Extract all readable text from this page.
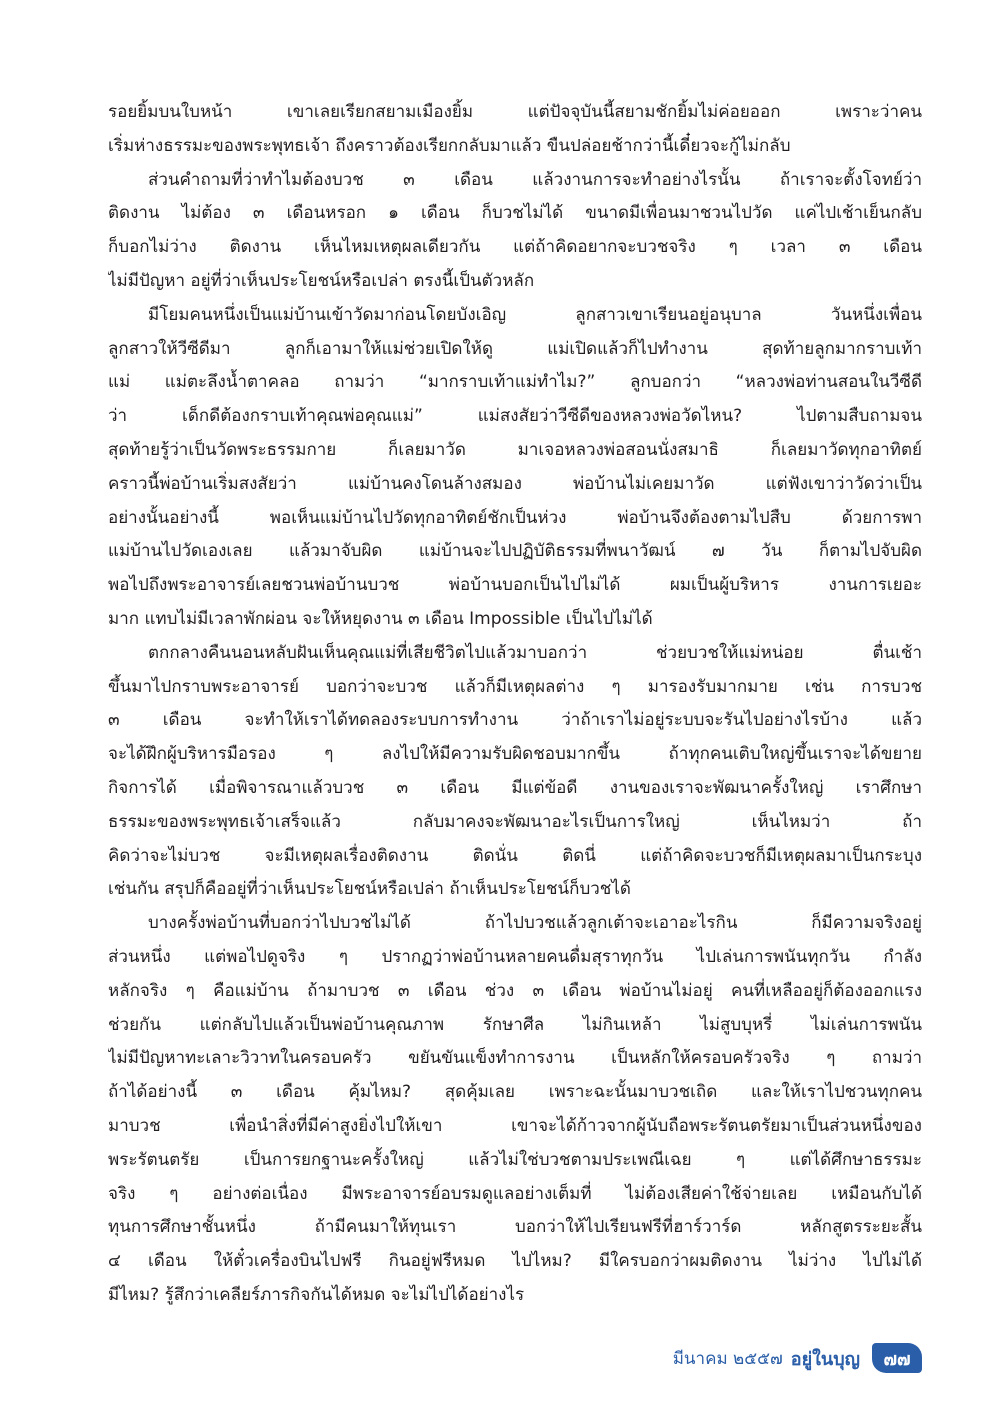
รอยยิ้มบนใบหน้า เขาเลยเรียกสยามเมืองยิ้ม แต่ปัจจุบันนี้สยามชักยิ้มไม่ค่อยออก เพราะว่าคน
เริ่มห่างธรรมะของพระพุทธเจ้า ถึงคราวต้องเรียกกลับมาแล้ว ขืนปล่อยช้ากว่านี้เดี๋ยวจะกู้ไม่กลับ
ส่วนคำถามที่ว่าทำไมต้องบวช ๓ เดือน แล้วงานการจะทำอย่างไรนั้น ถ้าเราจะตั้งโจทย์ว่า
ติดงาน ไม่ต้อง ๓ เดือนหรอก ๑ เดือน ก็บวชไม่ได้ ขนาดมีเพื่อนมาชวนไปวัด แค่ไปเช้าเย็นกลับ
ก็บอกไม่ว่าง ติดงาน เห็นไหมเหตุผลเดียวกัน แต่ถ้าคิดอยากจะบวชจริง ๆ เวลา ๓ เดือน
ไม่มีปัญหา อยู่ที่ว่าเห็นประโยชน์หรือเปล่า ตรงนี้เป็นตัวหลัก
มีโยมคนหนึ่งเป็นแม่บ้านเข้าวัดมาก่อนโดยบังเอิญ ลูกสาวเขาเรียนอยู่อนุบาล วันหนึ่งเพื่อน
ลูกสาวให้วีซีดีมา ลูกก็เอามาให้แม่ช่วยเปิดให้ดู แม่เปิดแล้วก็ไปทำงาน สุดท้ายลูกมากราบเท้า
แม่ แม่ตะลึงน้ำตาคลอ ถามว่า “มากราบเท้าแม่ทำไม?” ลูกบอกว่า “หลวงพ่อท่านสอนในวีซีดี
ว่า เด็กดีต้องกราบเท้าคุณพ่อคุณแม่” แม่สงสัยว่าวีซีดีของหลวงพ่อวัดไหน? ไปตามสืบถามจน
สุดท้ายรู้ว่าเป็นวัดพระธรรมกาย ก็เลยมาวัด มาเจอหลวงพ่อสอนนั่งสมาธิ ก็เลยมาวัดทุกอาทิตย์
คราวนี้พ่อบ้านเริ่มสงสัยว่า แม่บ้านคงโดนล้างสมอง พ่อบ้านไม่เคยมาวัด แต่ฟังเขาว่าวัดว่าเป็น
อย่างนั้นอย่างนี้ พอเห็นแม่บ้านไปวัดทุกอาทิตย์ชักเป็นห่วง พ่อบ้านจึงต้องตามไปสืบ ด้วยการพา
แม่บ้านไปวัดเองเลย แล้วมาจับผิด แม่บ้านจะไปปฏิบัติธรรมที่พนาวัฒน์ ๗ วัน ก็ตามไปจับผิด
พอไปถึงพระอาจารย์เลยชวนพ่อบ้านบวช พ่อบ้านบอกเป็นไปไม่ได้ ผมเป็นผู้บริหาร งานการเยอะ
มาก แทบไม่มีเวลาพักผ่อน จะให้หยุดงาน ๓ เดือน Impossible เป็นไปไม่ได้
ตกกลางคืนนอนหลับฝันเห็นคุณแม่ที่เสียชีวิตไปแล้วมาบอกว่า ช่วยบวชให้แม่หน่อย ตื่นเช้า
ขึ้นมาไปกราบพระอาจารย์ บอกว่าจะบวช แล้วก็มีเหตุผลต่าง ๆ มารองรับมากมาย เช่น การบวช
๓ เดือน จะทำให้เราได้ทดลองระบบการทำงาน ว่าถ้าเราไม่อยู่ระบบจะรันไปอย่างไรบ้าง แล้ว
จะได้ฝึกผู้บริหารมือรอง ๆ ลงไปให้มีความรับผิดชอบมากขึ้น ถ้าทุกคนเติบใหญ่ขึ้นเราจะได้ขยาย
กิจการได้ เมื่อพิจารณาแล้วบวช ๓ เดือน มีแต่ข้อดี งานของเราจะพัฒนาครั้งใหญ่ เราศึกษา
ธรรมะของพระพุทธเจ้าเสร็จแล้ว กลับมาคงจะพัฒนาอะไรเป็นการใหญ่ เห็นไหมว่า ถ้า
คิดว่าจะไม่บวช จะมีเหตุผลเรื่องติดงาน ติดนั่น ติดนี่ แต่ถ้าคิดจะบวชก็มีเหตุผลมาเป็นกระบุง
เช่นกัน สรุปก็คืออยู่ที่ว่าเห็นประโยชน์หรือเปล่า ถ้าเห็นประโยชน์ก็บวชได้
บางครั้งพ่อบ้านที่บอกว่าไปบวชไม่ได้ ถ้าไปบวชแล้วลูกเต้าจะเอาอะไรกิน ก็มีความจริงอยู่
ส่วนหนึ่ง แต่พอไปดูจริง ๆ ปรากฏว่าพ่อบ้านหลายคนดื่มสุราทุกวัน ไปเล่นการพนันทุกวัน กำลัง
หลักจริง ๆ คือแม่บ้าน ถ้ามาบวช ๓ เดือน ช่วง ๓ เดือน พ่อบ้านไม่อยู่ คนที่เหลืออยู่ก็ต้องออกแรง
ช่วยกัน แต่กลับไปแล้วเป็นพ่อบ้านคุณภาพ รักษาศีล ไม่กินเหล้า ไม่สูบบุหรี่ ไม่เล่นการพนัน
ไม่มีปัญหาทะเลาะวิวาทในครอบครัว ขยันขันแข็งทำการงาน เป็นหลักให้ครอบครัวจริง ๆ ถามว่า
ถ้าได้อย่างนี้ ๓ เดือน คุ้มไหม? สุดคุ้มเลย เพราะฉะนั้นมาบวชเถิด และให้เราไปชวนทุกคน
มาบวช เพื่อนำสิ่งที่มีค่าสูงยิ่งไปให้เขา เขาจะได้ก้าวจากผู้นับถือพระรัตนตรัยมาเป็นส่วนหนึ่งของ
พระรัตนตรัย เป็นการยกฐานะครั้งใหญ่ แล้วไม่ใช่บวชตามประเพณีเฉย ๆ แต่ได้ศึกษาธรรมะ
จริง ๆ อย่างต่อเนื่อง มีพระอาจารย์อบรมดูแลอย่างเต็มที่ ไม่ต้องเสียค่าใช้จ่ายเลย เหมือนกับได้
ทุนการศึกษาชั้นหนึ่ง ถ้ามีคนมาให้ทุนเรา บอกว่าให้ไปเรียนฟรีที่ฮาร์วาร์ด หลักสูตรระยะสั้น
๔ เดือน ให้ตั๋วเครื่องบินไปฟรี กินอยู่ฟรีหมด ไปไหม? มีใครบอกว่าผมติดงาน ไม่ว่าง ไปไม่ได้
มีไหม? รู้สึกว่าเคลียร์ภารกิจกันได้หมด จะไม่ไปได้อย่างไร
มีนาคม ๒๕๕๗ อยู่ในบุญ	๗๗
